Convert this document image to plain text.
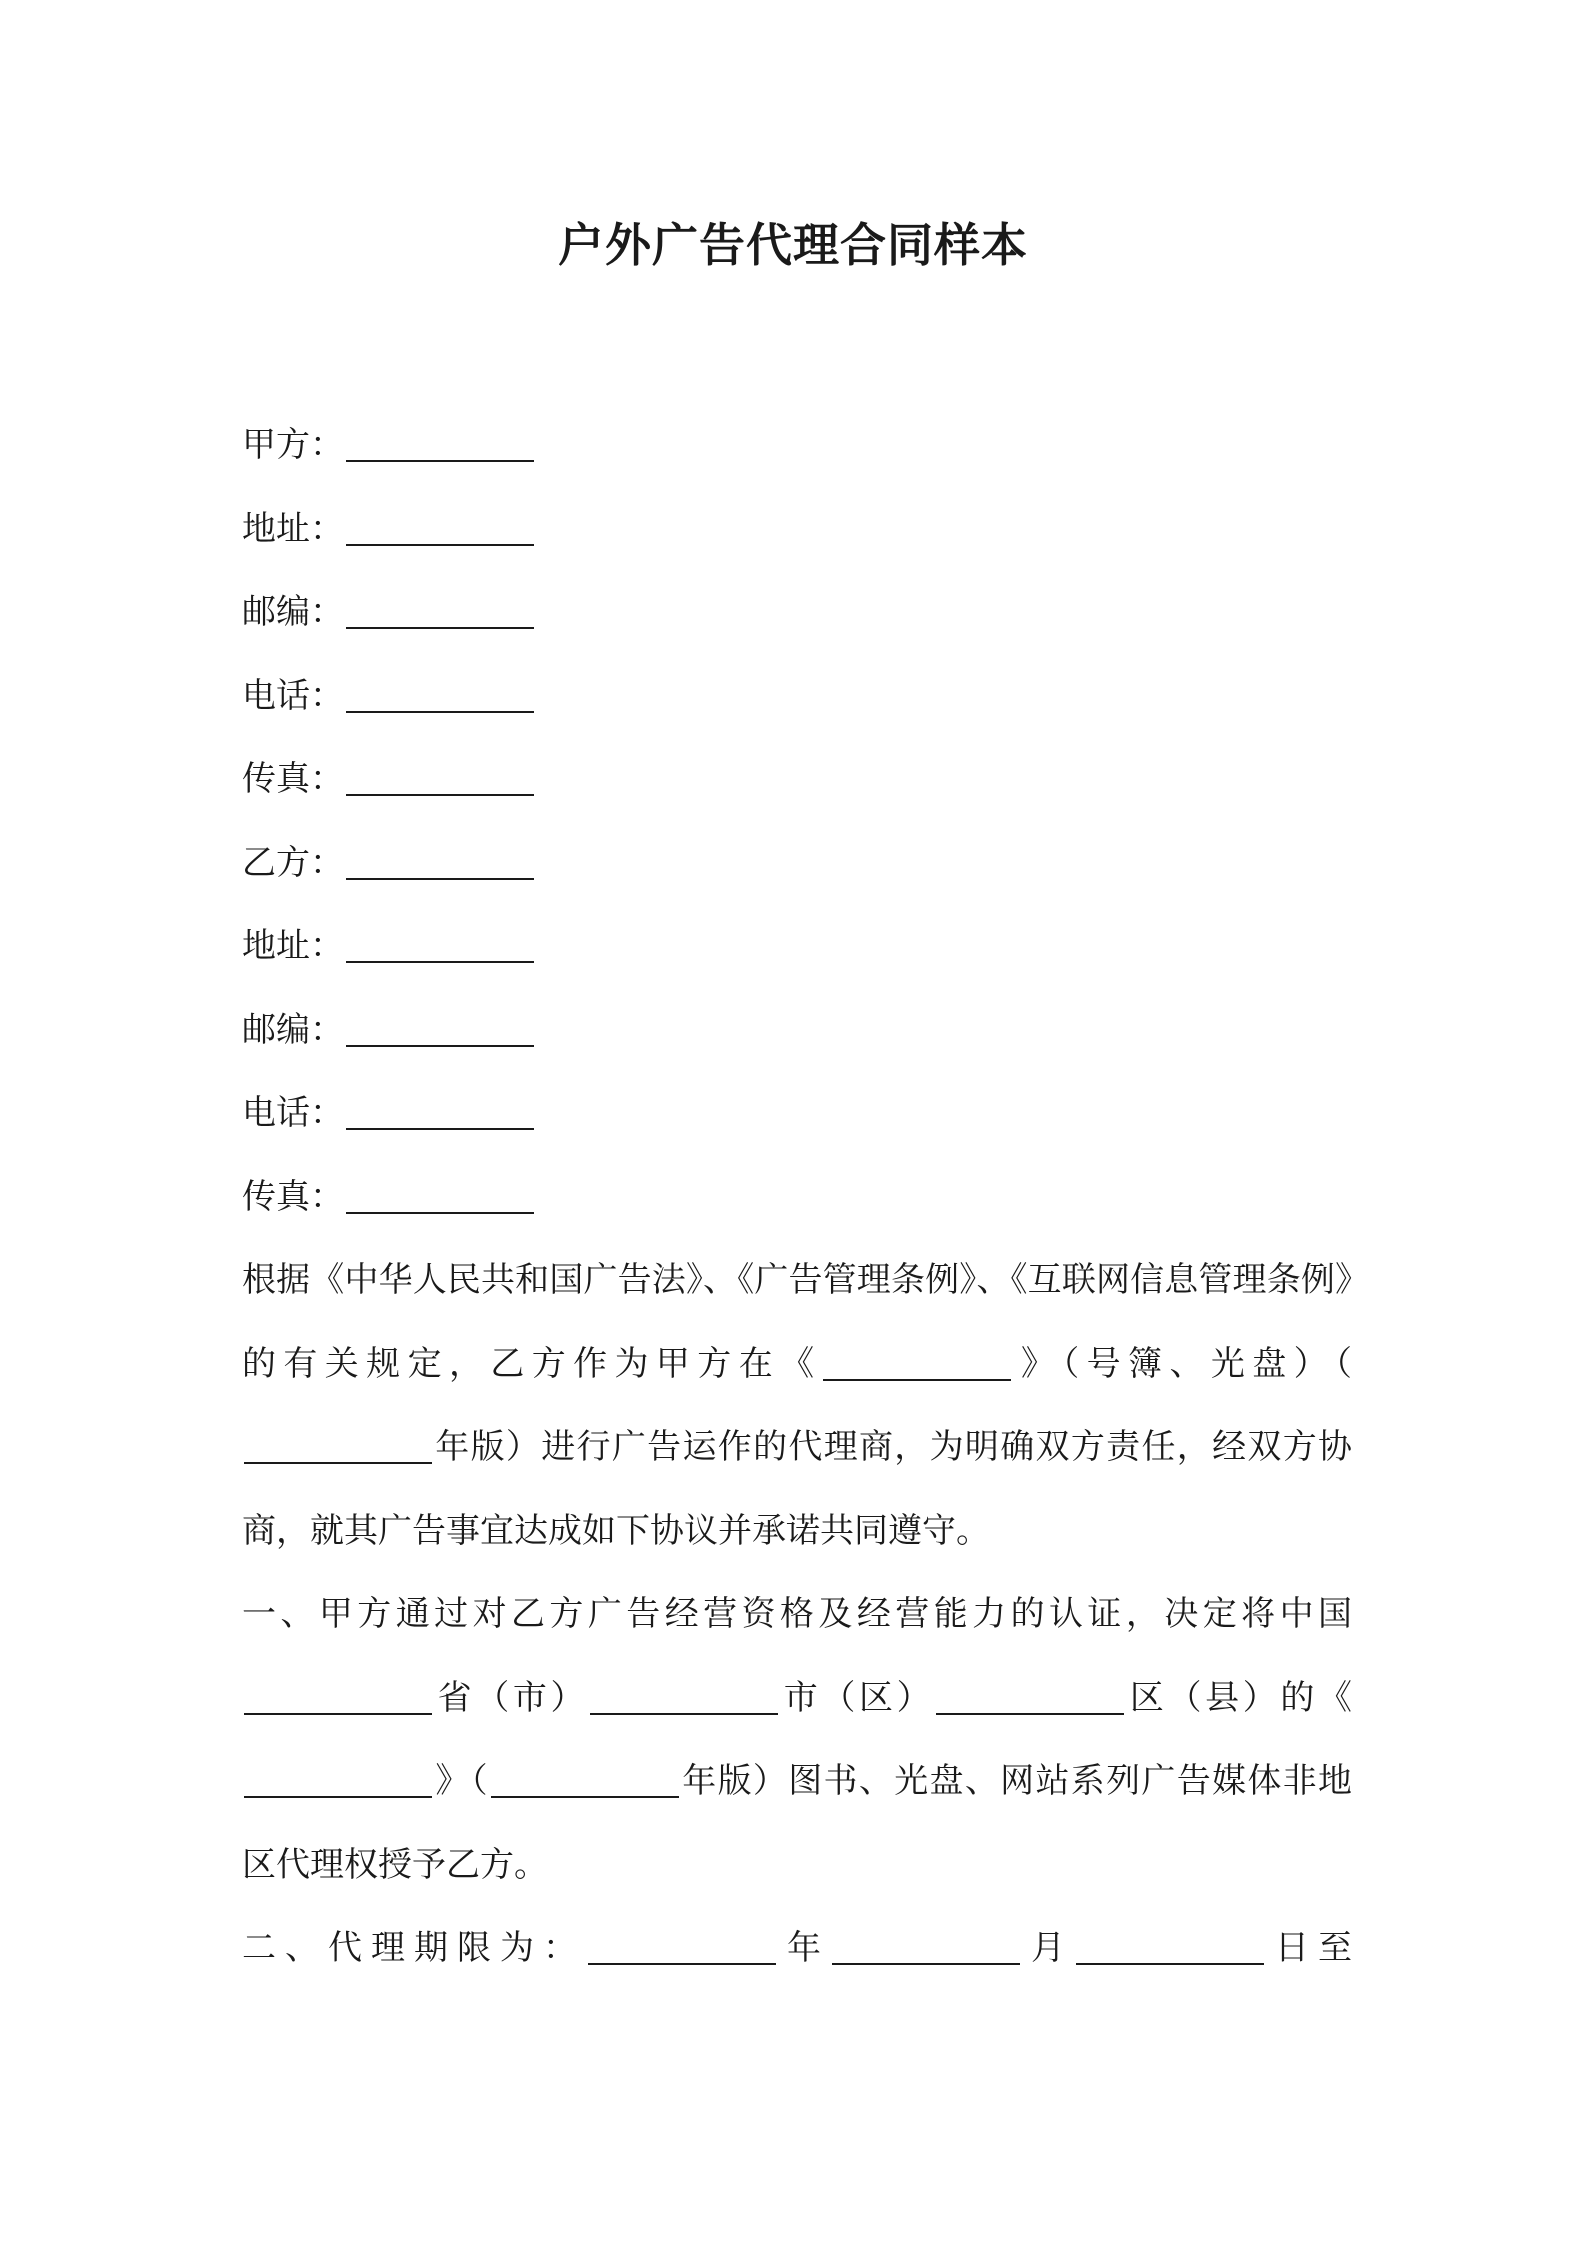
户外广告代理合同样本
甲方：
地址：
邮编：
电话：
传真：
乙方：
地址：
邮编：
电话：
传真：
根据《中华人民共和国广告法》、《广告管理条例》、《互联网信息管理条例》的有关规定，乙方作为甲方在《	》（号簿、光盘）（年版）进行广告运作的代理商，为明确双方责任，经双方协商，就其广告事宜达成如下协议并承诺共同遵守。
一、甲方通过对乙方广告经营资格及经营能力的认证，决定将中国省（市）	市（区）	区（县）的《》（	年版）图书、光盘、网站系列广告媒体非地区代理权授予乙方。
二、代理期限为：	年	月	日至
